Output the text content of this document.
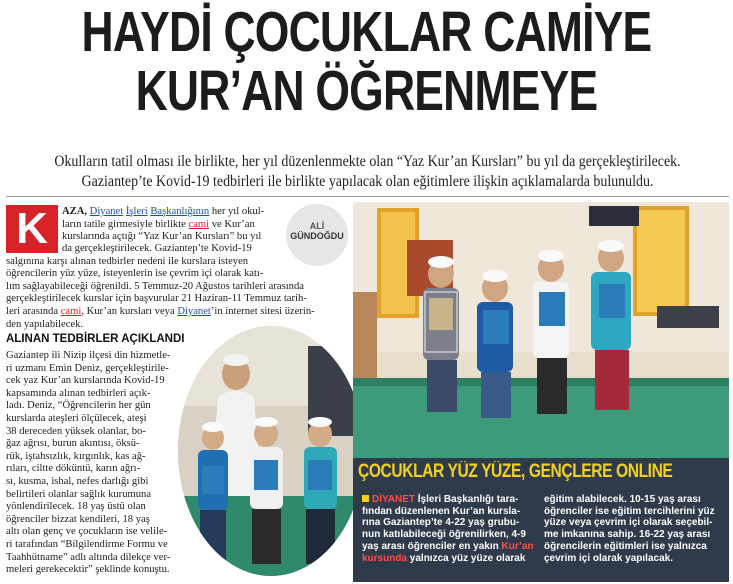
HAYDİ ÇOCUKLAR CAMİYE
KUR’AN ÖĞRENMEYE
Okulların tatil olması ile birlikte, her yıl düzenlenmekte olan “Yaz Kur’an Kursları” bu yıl da gerçekleştirilecek.
Gaziantep’te Kovid-19 tedbirleri ile birlikte yapılacak olan eğitimlere ilişkin açıklamalarda bulunuldu.
K	AZA, Diyanet İşleri Başkanlığının her yıl okul-

ların tatile girmesiyle birlikte cami ve Kur’an

kurslarında açtığı “Yaz Kur’an Kursları” bu yıl

da gerçekleştirilecek. Gaziantep’te Kovid-19

salgınına karşı alınan tedbirler nedeni ile kurslara isteyen

öğrencilerin yüz yüze, isteyenlerin ise çevrim içi olarak katı-

lım sağlayabileceği öğrenildi. 5 Temmuz-20 Ağustos tarihleri arasında

gerçekleştirilecek kurslar için başvurular 21 Haziran-11 Temmuz tarih-

leri arasında cami, Kur’an kursları veya Diyanet’in internet sitesi üzerin-

den yapılabilecek.

ALİ
GÜNDOĞDU
ALINAN TEDBİRLER AÇIKLANDI

Gaziantep ili Nizip ilçesi din hizmetle-

ri uzmanı Emin Deniz, gerçekleştirile-

cek yaz Kur’an kurslarında Kovid-19

kapsamında alınan tedbirleri açık-

ladı. Deniz, “Öğrencilerin her gün

kurslarda ateşleri ölçülecek, ateşi

38 dereceden yüksek olanlar, bo-

ğaz ağrısı, burun akıntısı, öksü-

rük, iştahsızlık, kırgınlık, kas ağ-

rıları, ciltte döküntü, karın ağrı-

sı, kusma, ishal, nefes darlığı gibi

belirtileri olanlar sağlık kurumuna

yönlendirilecek. 18 yaş üstü olan

öğrenciler bizzat kendileri, 18 yaş

altı olan genç ve çocukların ise velile-

ri tarafından “Bilgilendirme Formu ve

Taahhütname” adlı altında dilekçe ver-

meleri gerekecektir” şeklinde konuştu.

ÇOCUKLAR YÜZ YÜZE, GENÇLERE ONLINE

DİYANET İşleri Başkanlığı tara-

fından düzenlenen Kur’an kursla-

rına Gaziantep’te 4-22 yaş grubu-

nun katılabileceği öğrenilirken, 4-9

yaş arası öğrenciler en yakın Kur’an

kursunda yalnızca yüz yüze olarak

eğitim alabilecek. 10-15 yaş arası

öğrenciler ise eğitim tercihlerini yüz

yüze veya çevrim içi olarak seçebil-

me imkanına sahip. 16-22 yaş arası

öğrencilerin eğitimleri ise yalnızca

çevrim içi olarak yapılacak.
